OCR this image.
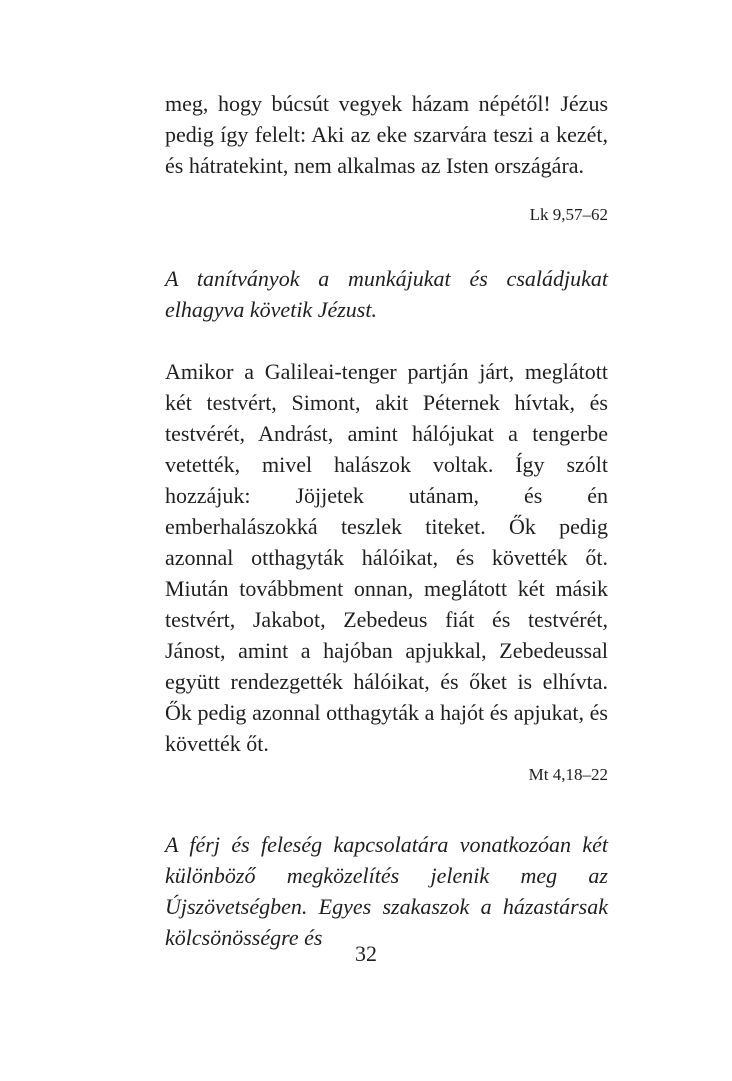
meg, hogy búcsút vegyek házam népétől! Jézus pedig így felelt: Aki az eke szarvára teszi a kezét, és hátratekint, nem alkalmas az Isten országára.

Lk 9,57–62

A tanítványok a munkájukat és családjukat elhagyva követik Jézust.

Amikor a Galileai-tenger partján járt, meglátott két testvért, Simont, akit Péternek hívtak, és testvérét, Andrást, amint hálójukat a tengerbe vetették, mivel halászok voltak. Így szólt hozzájuk: Jöjjetek utánam, és én emberhalászokká teszlek titeket. Ők pedig azonnal otthagyták hálóikat, és követték őt. Miután továbbment onnan, meglátott két másik testvért, Jakabot, Zebedeus fiát és testvérét, Jánost, amint a hajóban apjukkal, Zebedeussal együtt rendezgették hálóikat, és őket is elhívta. Ők pedig azonnal otthagyták a hajót és apjukat, és követték őt.

Mt 4,18–22

A férj és feleség kapcsolatára vonatkozóan két különböző megközelítés jelenik meg az Újszövetségben. Egyes szakaszok a házastársak kölcsönösségre és

32
